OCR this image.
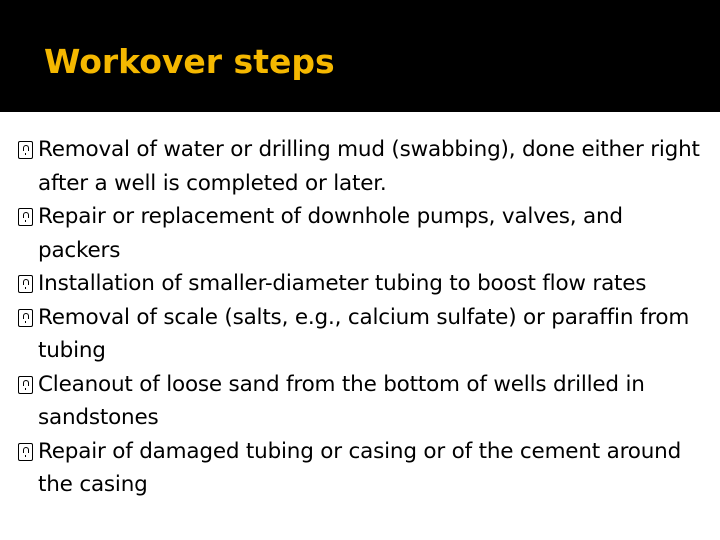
Workover steps
Removal of water or drilling mud (swabbing), done either right after a well is completed or later.
Repair or replacement of downhole pumps, valves, and packers
Installation of smaller-diameter tubing to boost flow rates
Removal of scale (salts, e.g., calcium sulfate) or paraffin from tubing
Cleanout of loose sand from the bottom of wells drilled in sandstones
Repair of damaged tubing or casing or of the cement around the casing
